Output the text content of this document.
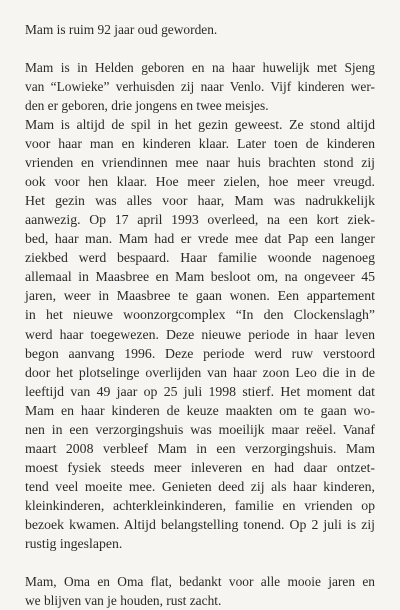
Mam is ruim 92 jaar oud geworden.

Mam is in Helden geboren en na haar huwelijk met Sjeng
van “Lowieke” verhuisden zij naar Venlo. Vijf kinderen wer-
den er geboren, drie jongens en twee meisjes.

Mam is altijd de spil in het gezin geweest. Ze stond altijd
voor haar man en kinderen klaar. Later toen de kinderen
vrienden en vriendinnen mee naar huis brachten stond zij
ook voor hen klaar. Hoe meer zielen, hoe meer vreugd.
Het gezin was alles voor haar, Mam was nadrukkelijk
aanwezig. Op 17 april 1993 overleed, na een kort ziek-
bed, haar man. Mam had er vrede mee dat Pap een langer
ziekbed werd bespaard. Haar familie woonde nagenoeg
allemaal in Maasbree en Mam besloot om, na ongeveer 45
jaren, weer in Maasbree te gaan wonen. Een appartement
in het nieuwe woonzorgcomplex “In den Clockenslagh”
werd haar toegewezen. Deze nieuwe periode in haar leven
begon aanvang 1996. Deze periode werd ruw verstoord
door het plotselinge overlijden van haar zoon Leo die in de
leeftijd van 49 jaar op 25 juli 1998 stierf. Het moment dat
Mam en haar kinderen de keuze maakten om te gaan wo-
nen in een verzorgingshuis was moeilijk maar reëel. Vanaf
maart 2008 verbleef Mam in een verzorgingshuis. Mam
moest fysiek steeds meer inleveren en had daar ontzet-
tend veel moeite mee. Genieten deed zij als haar kinderen,
kleinkinderen, achterkleinkinderen, familie en vrienden op
bezoek kwamen. Altijd belangstelling tonend. Op 2 juli is zij
rustig ingeslapen.

Mam, Oma en Oma flat, bedankt voor alle mooie jaren en
we blijven van je houden, rust zacht.
